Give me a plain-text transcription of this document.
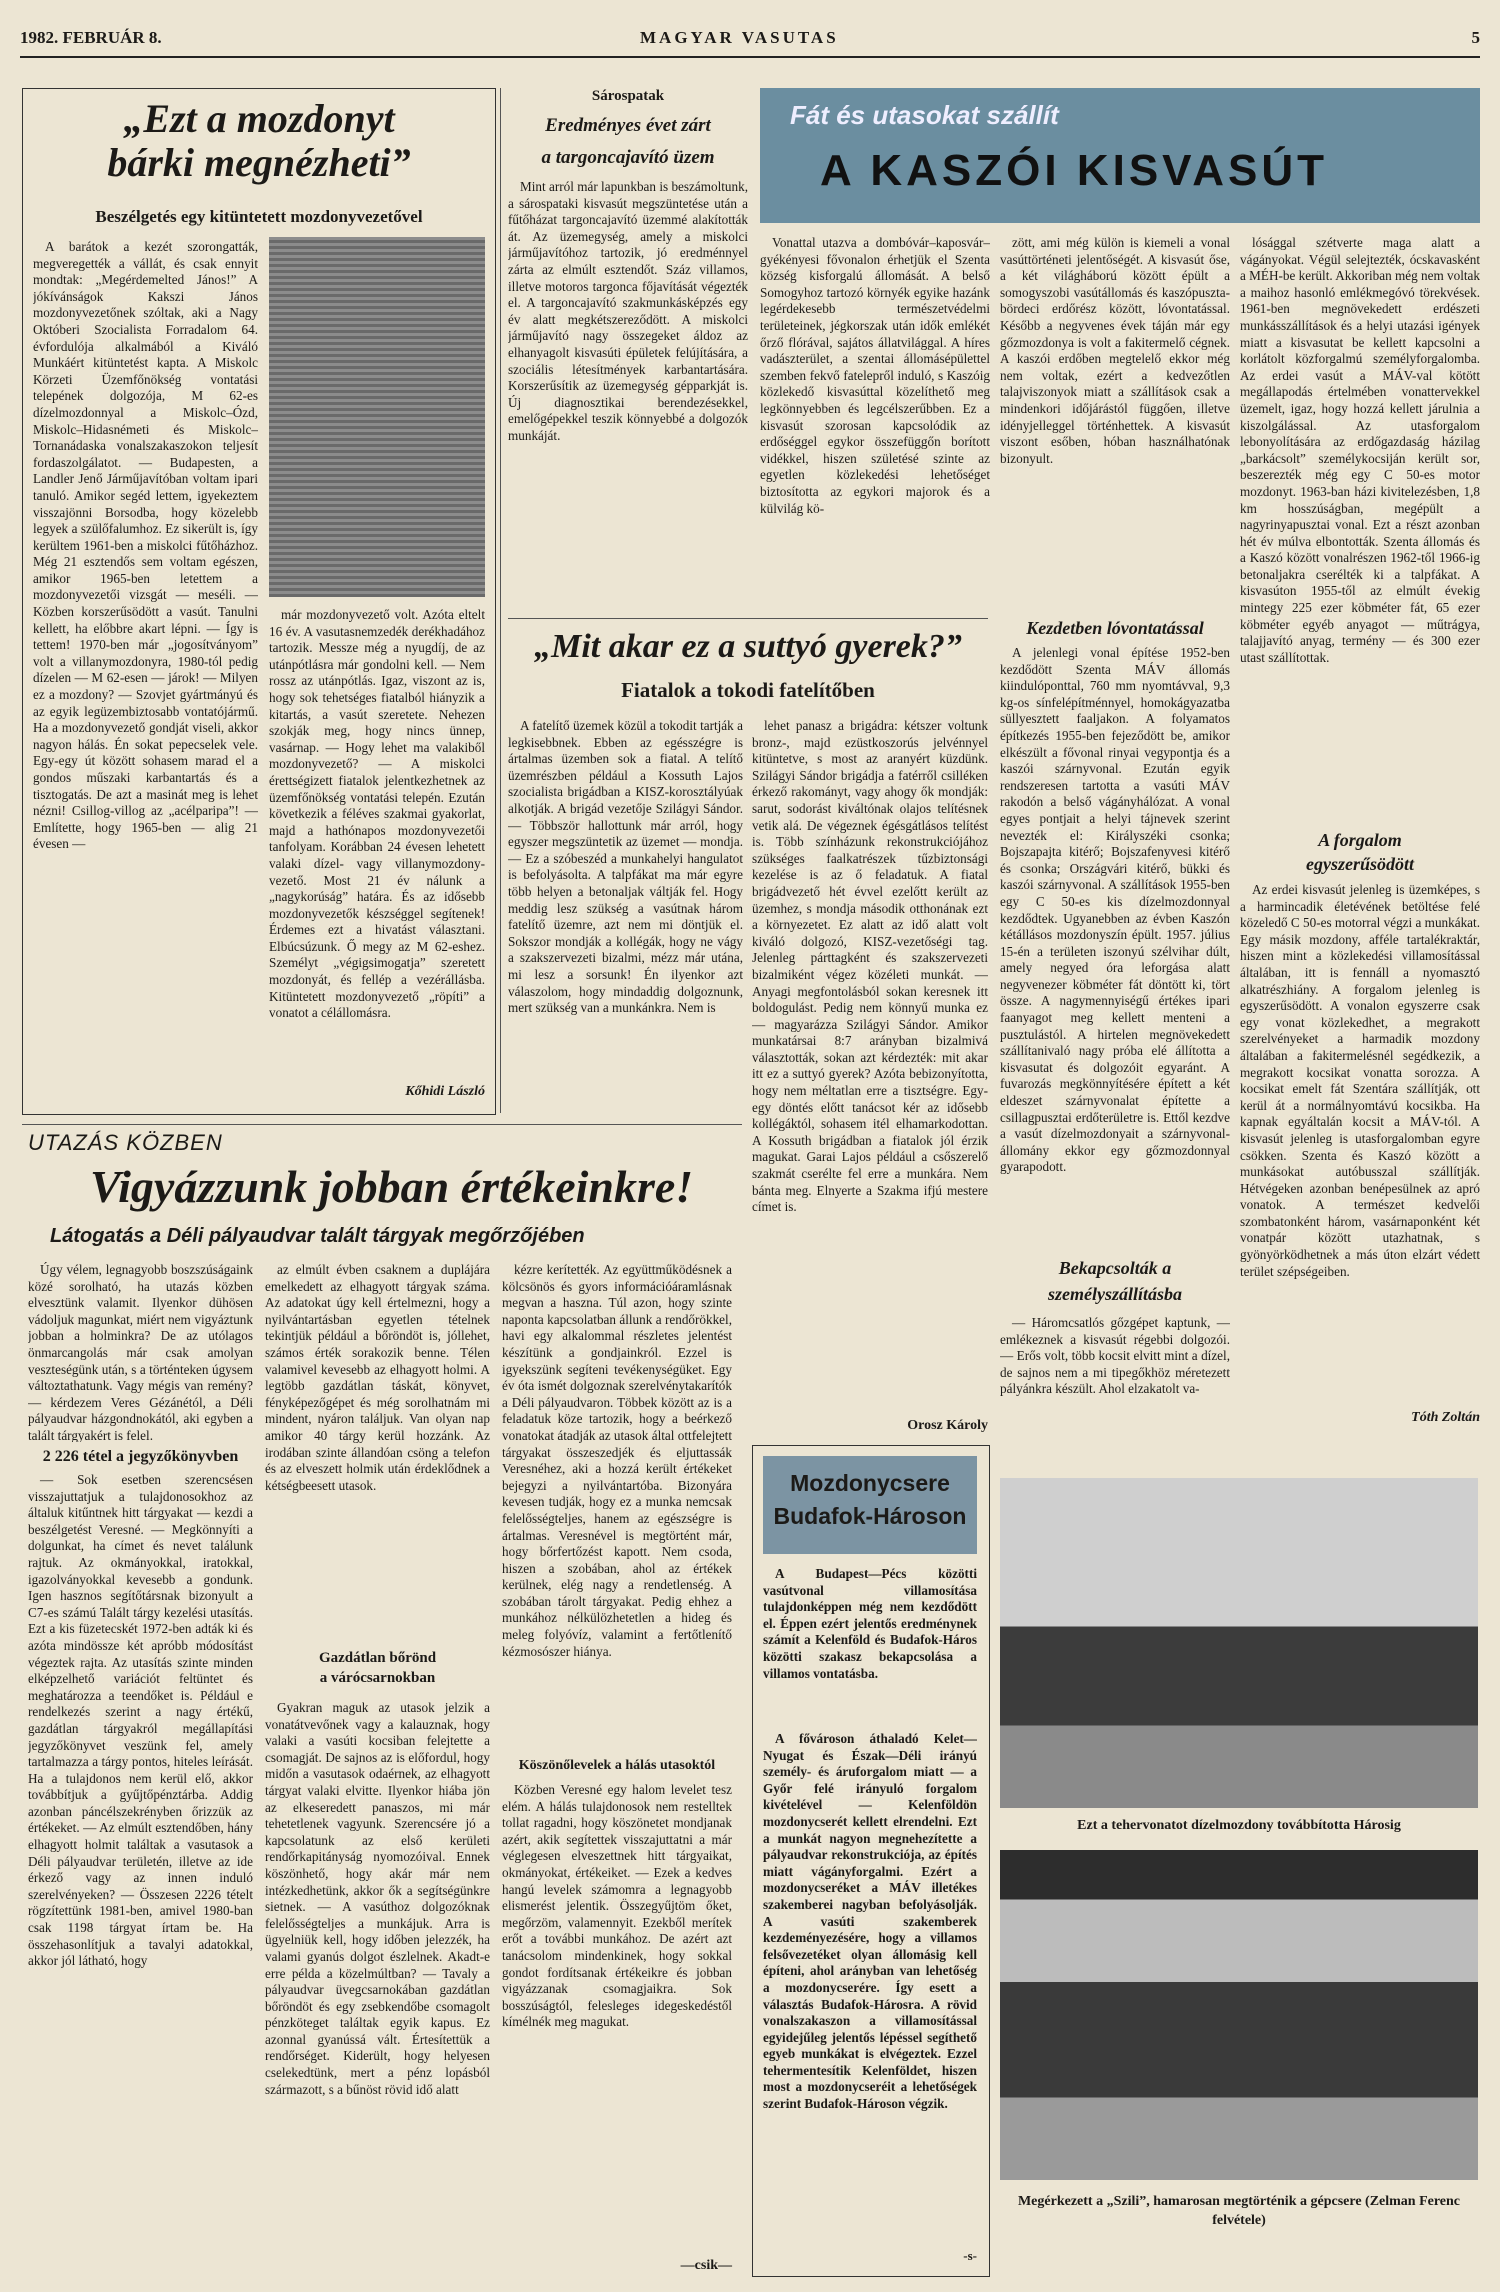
1982. FEBRUÁR 8.	MAGYAR VASUTAS	5
„Ezt a mozdonyt
bárki megnézheti”
Beszélgetés egy kitüntetett mozdonyvezetővel

A barátok a kezét szorongatták, megveregették a vállát, és csak ennyit mondtak: „Megérdemelted János!” A jókívánságok Kakszi János mozdonyvezetőnek szóltak, aki a Nagy Októberi Szocialista Forradalom 64. évfordulója alkalmából a Kiváló Munkáért kitüntetést kapta. A Miskolc Körzeti Üzemfőnökség vontatási telepének dolgozója, M 62-es dízelmozdonnyal a Miskolc–Ózd, Miskolc–Hidasnémeti és Miskolc–Tornanádaska vonalszakaszokon teljesít fordaszolgálatot. — Budapesten, a Landler Jenő Járműjavítóban voltam ipari tanuló. Amikor segéd lettem, igyekeztem visszajönni Borsodba, hogy közelebb legyek a szülőfalumhoz. Ez sikerült is, így kerültem 1961-ben a miskolci fűtőházhoz. Még 21 esztendős sem voltam egészen, amikor 1965-ben letettem a mozdonyvezetői vizsgát — meséli. — Közben korszerűsödött a vasút. Tanulni kellett, ha előbbre akart lépni. — Így is tettem! 1970-ben már „jogosítványom” volt a villanymozdonyra, 1980-tól pedig dízelen — M 62-esen — járok! — Milyen ez a mozdony? — Szovjet gyártmányú és az egyik legüzembiztosabb vontatójármű. Ha a mozdonyvezető gondját viseli, akkor nagyon hálás. Én sokat pepecselek vele. Egy-egy út között sohasem marad el a gondos műszaki karbantartás és a tisztogatás. De azt a masinát meg is lehet nézni! Csillog-villog az „acélparipa”! — Említette, hogy 1965-ben — alig 21 évesen —

már mozdonyvezető volt. Azóta eltelt 16 év. A vasutasnemzedék derékhadához tartozik. Messze még a nyugdíj, de az utánpótlásra már gondolni kell. — Nem rossz az utánpótlás. Igaz, viszont az is, hogy sok tehetséges fiatalból hiányzik a kitartás, a vasút szeretete. Nehezen szokják meg, hogy nincs ünnep, vasárnap. — Hogy lehet ma valakiből mozdonyvezető? — A miskolci érettségizett fiatalok jelentkezhetnek az üzemfőnökség vontatási telepén. Ezután következik a féléves szakmai gyakorlat, majd a hathónapos mozdonyvezetői tanfolyam. Korábban 24 évesen lehetett valaki dízel- vagy villanymozdony-vezető. Most 21 év nálunk a „nagykorúság” határa. És az idősebb mozdonyvezetők készséggel segítenek! Érdemes ezt a hivatást választani. Elbúcsúzunk. Ő megy az M 62-eshez. Személyt „végigsimogatja” szeretett mozdonyát, és fellép a vezérállásba. Kitüntetett mozdonyvezető „röpíti” a vonatot a célállomásra.

Kőhidi László
Sárospatak
Eredményes évet zárt
a targoncajavító üzem

Mint arról már lapunkban is beszámoltunk, a sárospataki kisvasút megszüntetése után a fűtőházat targoncajavító üzemmé alakították át. Az üzemegység, amely a miskolci járműjavítóhoz tartozik, jó eredménnyel zárta az elmúlt esztendőt. Száz villamos, illetve motoros targonca főjavítását végezték el. A targoncajavító szakmunkásképzés egy év alatt megkétszereződött. A miskolci járműjavító nagy összegeket áldoz az elhanyagolt kisvasúti épületek felújítására, a szociális létesítmények karbantartására. Korszerűsítik az üzemegység gépparkját is. Új diagnosztikai berendezésekkel, emelőgépekkel teszik könnyebbé a dolgozók munkáját.

Fát és utasokat szállít
A KASZÓI KISVASÚT

Vonattal utazva a dombóvár–kaposvár–gyékényesi fővonalon érhetjük el Szenta község kisforgalú állomását. A belső Somogyhoz tartozó környék egyike hazánk legérdekesebb természetvédelmi területeinek, jégkorszak után idők emlékét őrző flórával, sajátos állatvilággal. A híres vadászterület, a szentai állomásépülettel szemben fekvő fatelepről induló, s Kaszóig közlekedő kisvasúttal közelíthető meg legkönnyebben és legcélszerűbben. Ez a kisvasút szorosan kapcsolódik az erdőséggel egykor összefüggőn borított vidékkel, hiszen születésé szinte az egyetlen közlekedési lehetőséget biztosította az egykori majorok és a külvilág kö-

zött, ami még külön is kiemeli a vonal vasúttörténeti jelentőségét. A kisvasút őse, a két világháború között épült a somogyszobi vasútállomás és kaszópuszta-bördeci erdőrész között, lóvontatással. Később a negyvenes évek táján már egy gőzmozdonya is volt a fakitermelő cégnek. A kaszói erdőben megtelelő ekkor még nem voltak, ezért a kedvezőtlen talajviszonyok miatt a szállítások csak a mindenkori időjárástól függően, illetve idényjelleggel történhettek. A kisvasút viszont esőben, hóban használhatónak bizonyult.

Kezdetben lóvontatással

A jelenlegi vonal építése 1952-ben kezdődött Szenta MÁV állomás kiindulóponttal, 760 mm nyomtávval, 9,3 kg-os sínfelépítménnyel, homokágyazatba süllyesztett faaljakon. A folyamatos építkezés 1955-ben fejeződött be, amikor elkészült a fővonal rinyai vegypontja és a kaszói szárnyvonal. Ezután egyik rendszeresen tartotta a vasúti MÁV rakodón a belső vágányhálózat. A vonal egyes pontjait a helyi tájnevek szerint nevezték el: Királyszéki csonka; Bojszapajta kitérő; Bojszafenyvesi kitérő és csonka; Országvári kitérő, bükki és kaszói szárnyvonal. A szállítások 1955-ben egy C 50-es kis dízelmozdonnyal kezdődtek. Ugyanebben az évben Kaszón kétállásos mozdonyszín épült. 1957. július 15-én a területen iszonyú szélvihar dúlt, amely negyed óra leforgása alatt negyvenezer köbméter fát döntött ki, tört össze. A nagymennyiségű értékes ipari faanyagot meg kellett menteni a pusztulástól. A hirtelen megnövekedett szállítanivaló nagy próba elé állította a kisvasutat és dolgozóit egyaránt. A fuvarozás megkönnyítésére épített a két eldeszet szárnyvonalat építette a csillagpusztai erdőterületre is. Ettől kezdve a vasút dízelmozdonyait a szárnyvonal-állomány ekkor egy gőzmozdonnyal gyarapodott.

Bekapcsolták a személyszállításba

— Háromcsatlós gőzgépet kaptunk, — emlékeznek a kisvasút régebbi dolgozói. — Erős volt, több kocsit elvitt mint a dízel, de sajnos nem a mi tipegőkhöz méretezett pályánkra készült. Ahol elzakatolt va-

lósággal szétverte maga alatt a vágányokat. Végül selejtezték, ócskavasként a MÉH-be került. Akkoriban még nem voltak a maihoz hasonló emlékmegóvó törekvések. 1961-ben megnövekedett erdészeti munkásszállítások és a helyi utazási igények miatt a kisvasutat be kellett kapcsolni a korlátolt közforgalmú személyforgalomba. Az erdei vasút a MÁV-val kötött megállapodás értelmében vonattervekkel üzemelt, igaz, hogy hozzá kellett járulnia a kiszolgálással. Az utasforgalom lebonyolítására az erdőgazdaság házilag „barkácsolt” személykocsiján került sor, beszerezték még egy C 50-es motor mozdonyt. 1963-ban házi kivitelezésben, 1,8 km hosszúságban, megépült a nagyrinyapusztai vonal. Ezt a részt azonban hét év múlva elbontották. Szenta állomás és a Kaszó között vonalrészen 1962-től 1966-ig betonaljakra cserélték ki a talpfákat. A kisvasúton 1955-től az elmúlt évekig mintegy 225 ezer köbméter fát, 65 ezer köbméter egyéb anyagot — műtrágya, talajjavító anyag, termény — és 300 ezer utast szállítottak.

A forgalom
egyszerűsödött

Az erdei kisvasút jelenleg is üzemképes, s a harmincadik életévének betöltése felé közeledő C 50-es motorral végzi a munkákat. Egy másik mozdony, afféle tartalékraktár, hiszen mint a közlekedési villamosítással általában, itt is fennáll a nyomasztó alkatrészhiány. A forgalom jelenleg is egyszerűsödött. A vonalon egyszerre csak egy vonat közlekedhet, a megrakott szerelvényeket a harmadik mozdony általában a fakitermelésnél segédkezik, a megrakott kocsikat vonatta sorozza. A kocsikat emelt fát Szentára szállítják, ott kerül át a normálnyomtávú kocsikba. Ha kapnak egyáltalán kocsit a MÁV-tól. A kisvasút jelenleg is utasforgalomban egyre csökken. Szenta és Kaszó között a munkásokat autóbusszal szállítják. Hétvégeken azonban benépesülnek az apró vonatok. A természet kedvelői szombatonként három, vasárnaponként két vonatpár között utazhatnak, s gyönyörködhetnek a más úton elzárt védett terület szépségeiben.

Tóth Zoltán
„Mit akar ez a suttyó gyerek?”
Fiatalok a tokodi fatelítőben

A fatelítő üzemek közül a tokodit tartják a legkisebbnek. Ebben az egésszégre is ártalmas üzemben sok a fiatal. A telítő üzemrészben például a Kossuth Lajos szocialista brigádban a KISZ-korosztályúak alkotják. A brigád vezetője Szilágyi Sándor. — Többször hallottunk már arról, hogy egyszer megszüntetik az üzemet — mondja. — Ez a szóbeszéd a munkahelyi hangulatot is befolyásolta. A talpfákat ma már egyre több helyen a betonaljak váltják fel. Hogy meddig lesz szükség a vasútnak három fatelítő üzemre, azt nem mi döntjük el. Sokszor mondják a kollégák, hogy ne vágy a szakszervezeti bizalmi, mézz már utána, mi lesz a sorsunk! Én ilyenkor azt válaszolom, hogy mindaddig dolgoznunk, mert szükség van a munkánkra. Nem is

lehet panasz a brigádra: kétszer voltunk bronz-, majd ezüstkoszorús jelvénnyel kitüntetve, s most az aranyért küzdünk. Szilágyi Sándor brigádja a fatérről csilléken érkező rakományt, vagy ahogy ők mondják: sarut, sodorást kiváltónak olajos telítésnek vetik alá. De végeznek égésgátlásos telítést is. Több színházunk rekonstrukciójához szükséges faalkatrészek tűzbiztonsági kezelése is az ő feladatuk. A fiatal brigádvezető hét évvel ezelőtt került az üzemhez, s mondja második otthonának ezt a környezetet. Ez alatt az idő alatt volt kiváló dolgozó, KISZ-vezetőségi tag. Jelenleg párttagként és szakszervezeti bizalmiként végez közéleti munkát. — Anyagi megfontolásból sokan keresnek itt boldogulást. Pedig nem könnyű munka ez — magyarázza Szilágyi Sándor. Amikor munkatársai 8:7 arányban bizalmivá választották, sokan azt kérdezték: mit akar itt ez a suttyó gyerek? Azóta bebizonyította, hogy nem méltatlan erre a tisztségre. Egy-egy döntés előtt tanácsot kér az idősebb kollégáktól, sohasem itél elhamarkodottan. A Kossuth brigádban a fiatalok jól érzik magukat. Garai Lajos például a csőszerelő szakmát cserélte fel erre a munkára. Nem bánta meg. Elnyerte a Szakma ifjú mestere címet is.

Orosz Károly
UTAZÁS KÖZBEN
Vigyázzunk jobban értékeinkre!
Látogatás a Déli pályaudvar talált tárgyak megőrzőjében

Úgy vélem, legnagyobb boszszúságaink közé sorolható, ha utazás közben elvesztünk valamit. Ilyenkor dühösen vádoljuk magunkat, miért nem vigyáztunk jobban a holminkra? De az utólagos önmarcangolás már csak amolyan veszteségünk után, s a történteken úgysem változtathatunk. Vagy mégis van remény? — kérdezem Veres Gézánétól, a Déli pályaudvar házgondnokától, aki egyben a talált tárgyakért is felel.

2 226 tétel a jegyzőkönyvben

— Sok esetben szerencsésen visszajuttatjuk a tulajdonosokhoz az általuk kitűntnek hitt tárgyakat — kezdi a beszélgetést Veresné. — Megkönnyíti a dolgunkat, ha címet és nevet találunk rajtuk. Az okmányokkal, iratokkal, igazolványokkal kevesebb a gondunk. Igen hasznos segítőtársnak bizonyult a C7-es számú Talált tárgy kezelési utasítás. Ezt a kis füzetecskét 1972-ben adták ki és azóta mindössze két apróbb módosítást végeztek rajta. Az utasítás szinte minden elképzelhető variációt feltüntet és meghatározza a teendőket is. Például e rendelkezés szerint a nagy értékű, gazdátlan tárgyakról megállapítási jegyzőkönyvet veszünk fel, amely tartalmazza a tárgy pontos, hiteles leírását. Ha a tulajdonos nem kerül elő, akkor továbbítjuk a gyűjtőpénztárba. Addig azonban páncélszekrényben őrizzük az értékeket. — Az elmúlt esztendőben, hány elhagyott holmit találtak a vasutasok a Déli pályaudvar területén, illetve az ide érkező vagy az innen induló szerelvényeken? — Összesen 2226 tételt rögzítettünk 1981-ben, amivel 1980-ban csak 1198 tárgyat írtam be. Ha összehasonlítjuk a tavalyi adatokkal, akkor jól látható, hogy

az elmúlt évben csaknem a duplájára emelkedett az elhagyott tárgyak száma. Az adatokat úgy kell értelmezni, hogy a nyilvántartásban egyetlen tételnek tekintjük például a bőröndöt is, jóllehet, számos érték sorakozik benne. Télen valamivel kevesebb az elhagyott holmi. A legtöbb gazdátlan táskát, könyvet, fényképezőgépet és még sorolhatnám mi mindent, nyáron találjuk. Van olyan nap amikor 40 tárgy kerül hozzánk. Az irodában szinte állandóan csöng a telefon és az elveszett holmik után érdeklődnek a kétségbeesett utasok.

Gazdátlan bőrönd
a várócsarnokban

Gyakran maguk az utasok jelzik a vonatátvevőnek vagy a kalauznak, hogy valaki a vasúti kocsiban felejtette a csomagját. De sajnos az is előfordul, hogy midőn a vasutasok odaérnek, az elhagyott tárgyat valaki elvitte. Ilyenkor hiába jön az elkeseredett panaszos, mi már tehetetlenek vagyunk. Szerencsére jó a kapcsolatunk az első kerületi rendőrkapitányság nyomozóival. Ennek köszönhető, hogy akár már nem intézkedhetünk, akkor ők a segítségünkre sietnek. — A vasúthoz dolgozóknak felelősségteljes a munkájuk. Arra is ügyelniük kell, hogy időben jelezzék, ha valami gyanús dolgot észlelnek. Akadt-e erre példa a közelmúltban? — Tavaly a pályaudvar üvegcsarnokában gazdátlan bőröndöt és egy zsebkendőbe csomagolt pénzköteget találtak egyik kapus. Ez azonnal gyanússá vált. Értesítettük a rendőrséget. Kiderült, hogy helyesen cselekedtünk, mert a pénz lopásból származott, s a bűnöst rövid idő alatt

kézre kerítették. Az együttműködésnek a kölcsönös és gyors információáramlásnak megvan a haszna. Túl azon, hogy szinte naponta kapcsolatban állunk a rendőrökkel, havi egy alkalommal részletes jelentést készítünk a gondjainkról. Ezzel is igyekszünk segíteni tevékenységüket. Egy év óta ismét dolgoznak szerelvénytakarítók a Déli pályaudvaron. Többek között az is a feladatuk köze tartozik, hogy a beérkező vonatokat átadják az utasok által ottfelejtett tárgyakat összeszedjék és eljuttassák Veresnéhez, aki a hozzá került értékeket bejegyzi a nyilvántartóba. Bizonyára kevesen tudják, hogy ez a munka nemcsak felelősségteljes, hanem az egészségre is ártalmas. Veresnével is megtörtént már, hogy bőrfertőzést kapott. Nem csoda, hiszen a szobában, ahol az értékek kerülnek, elég nagy a rendetlenség. A szobában tárolt tárgyakat. Pedig ehhez a munkához nélkülözhetetlen a hideg és meleg folyóvíz, valamint a fertőtlenítő kézmosószer hiánya.

Köszönőlevelek a hálás utasoktól

Közben Veresné egy halom levelet tesz elém. A hálás tulajdonosok nem restelltek tollat ragadni, hogy köszönetet mondjanak azért, akik segítettek visszajuttatni a már véglegesen elveszettnek hitt tárgyaikat, okmányokat, értékeiket. — Ezek a kedves hangú levelek számomra a legnagyobb elismerést jelentik. Összegyűjtöm őket, megőrzöm, valamennyit. Ezekből merítek erőt a további munkához. De azért azt tanácsolom mindenkinek, hogy sokkal gondot fordítsanak értékeikre és jobban vigyázzanak csomagjaikra. Sok bosszúságtól, felesleges idegeskedéstől kímélnék meg magukat.

—csik—
Mozdonycsere
Budafok-Hároson

A Budapest—Pécs közötti vasútvonal villamosítása tulajdonképpen még nem kezdődött el. Éppen ezért jelentős eredménynek számít a Kelenföld és Budafok-Háros közötti szakasz bekapcsolása a villamos vontatásba.

A fővároson áthaladó Kelet—Nyugat és Észak—Déli irányú személy- és áruforgalom miatt — a Győr felé irányuló forgalom kivételével — Kelenföldön mozdonycserét kellett elrendelni. Ezt a munkát nagyon megnehezítette a pályaudvar rekonstrukciója, az építés miatt vágányforgalmi. Ezért a mozdonycseréket a MÁV illetékes szakemberei nagyban befolyásolják. A vasúti szakemberek kezdeményezésére, hogy a villamos felsővezetéket olyan állomásig kell építeni, ahol arányban van lehetőség a mozdonycserére. Így esett a választás Budafok-Hárosra. A rövid vonalszakaszon a villamosítással egyidejűleg jelentős lépéssel segíthető egyeb munkákat is elvégeztek. Ezzel tehermentesítik Kelenföldet, hiszen most a mozdonycseréit a lehetőségek szerint Budafok-Hároson végzik.

-s-
Ezt a tehervonatot dízelmozdony továbbította Hárosig
Megérkezett a „Szili”, hamarosan megtörténik a gépcsere (Zelman Ferenc felvétele)
